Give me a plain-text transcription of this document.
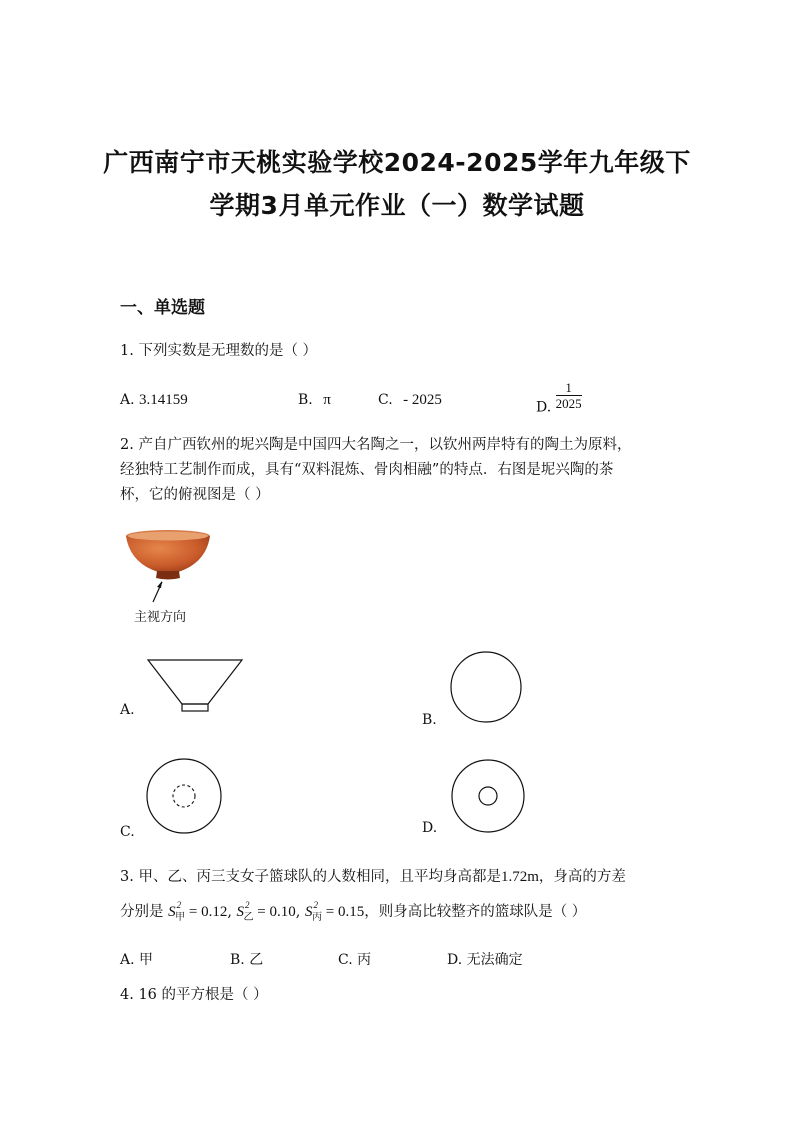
广西南宁市天桃实验学校2024-2025学年九年级下
学期3月单元作业（一）数学试题
一、单选题
1. 下列实数是无理数的是（ ）
A. 3.14159	B. π	C. - 2025	D. $\frac{1}{2025}$
2. 产自广西钦州的坭兴陶是中国四大名陶之一，以钦州两岸特有的陶土为原料，
经独特工艺制作而成，具有“双料混炼、骨肉相融”的特点．右图是坭兴陶的茶
杯，它的俯视图是（ ）
主视方向
A.
B.
C.	D.
3. 甲、乙、丙三支女子篮球队的人数相同，且平均身高都是1.72m，身高的方差
分别是 $S^2_甲 = 0.12$, $S^2_乙 = 0.10$, $S^2_丙 = 0.15$，则身高比较整齐的篮球队是（ ）
A. 甲	B. 乙	C. 丙	D. 无法确定
4. 16 的平方根是（ ）
